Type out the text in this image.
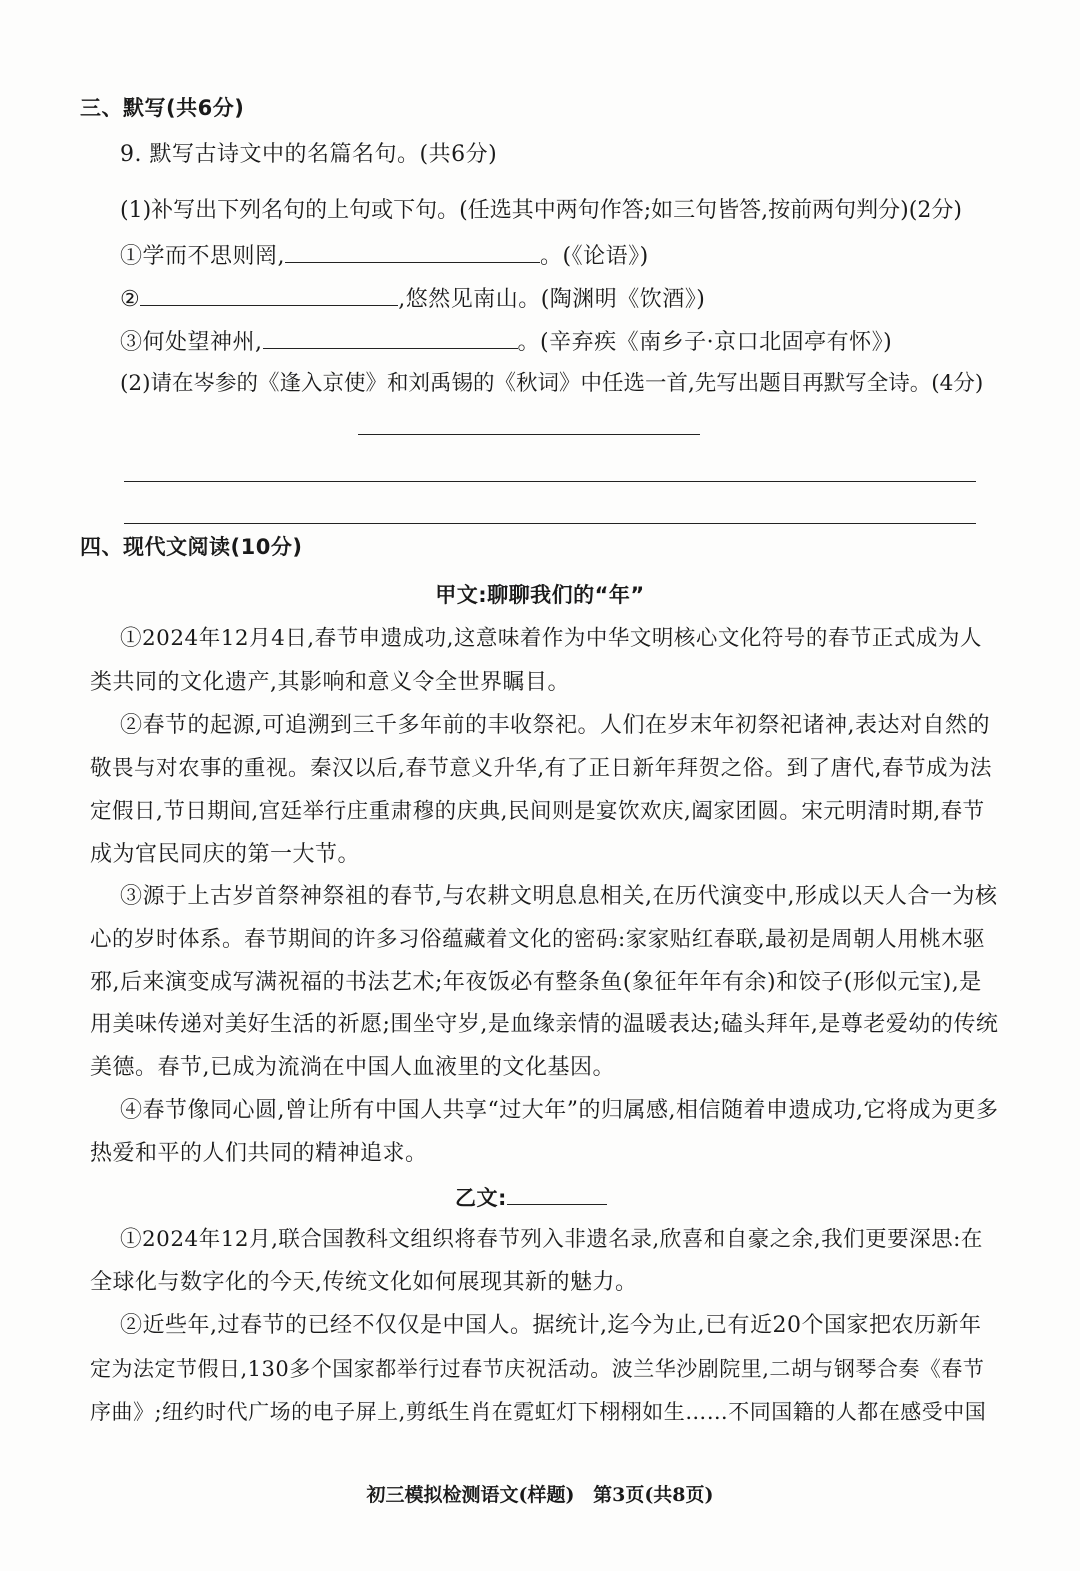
三、默写(共6分)
9. 默写古诗文中的名篇名句。(共6分)
(1)补写出下列名句的上句或下句。(任选其中两句作答;如三句皆答,按前两句判分)(2分)
①学而不思则罔,	。(《论语》)
②	,悠然见南山。(陶渊明《饮酒》)
③何处望神州,	。(辛弃疾《南乡子·京口北固亭有怀》)
(2)请在岑参的《逢入京使》和刘禹锡的《秋词》中任选一首,先写出题目再默写全诗。(4分)
四、现代文阅读(10分)
甲文:聊聊我们的“年”
①2024年12月4日,春节申遗成功,这意味着作为中华文明核心文化符号的春节正式成为人
类共同的文化遗产,其影响和意义令全世界瞩目。
②春节的起源,可追溯到三千多年前的丰收祭祀。人们在岁末年初祭祀诸神,表达对自然的
敬畏与对农事的重视。秦汉以后,春节意义升华,有了正日新年拜贺之俗。到了唐代,春节成为法
定假日,节日期间,宫廷举行庄重肃穆的庆典,民间则是宴饮欢庆,阖家团圆。宋元明清时期,春节
成为官民同庆的第一大节。
③源于上古岁首祭神祭祖的春节,与农耕文明息息相关,在历代演变中,形成以天人合一为核
心的岁时体系。春节期间的许多习俗蕴藏着文化的密码:家家贴红春联,最初是周朝人用桃木驱
邪,后来演变成写满祝福的书法艺术;年夜饭必有整条鱼(象征年年有余)和饺子(形似元宝),是
用美味传递对美好生活的祈愿;围坐守岁,是血缘亲情的温暖表达;磕头拜年,是尊老爱幼的传统
美德。春节,已成为流淌在中国人血液里的文化基因。
④春节像同心圆,曾让所有中国人共享“过大年”的归属感,相信随着申遗成功,它将成为更多
热爱和平的人们共同的精神追求。
乙文:
①2024年12月,联合国教科文组织将春节列入非遗名录,欣喜和自豪之余,我们更要深思:在
全球化与数字化的今天,传统文化如何展现其新的魅力。
②近些年,过春节的已经不仅仅是中国人。据统计,迄今为止,已有近20个国家把农历新年
定为法定节假日,130多个国家都举行过春节庆祝活动。波兰华沙剧院里,二胡与钢琴合奏《春节
序曲》;纽约时代广场的电子屏上,剪纸生肖在霓虹灯下栩栩如生……不同国籍的人都在感受中国
初三模拟检测语文(样题) 第3页(共8页)
